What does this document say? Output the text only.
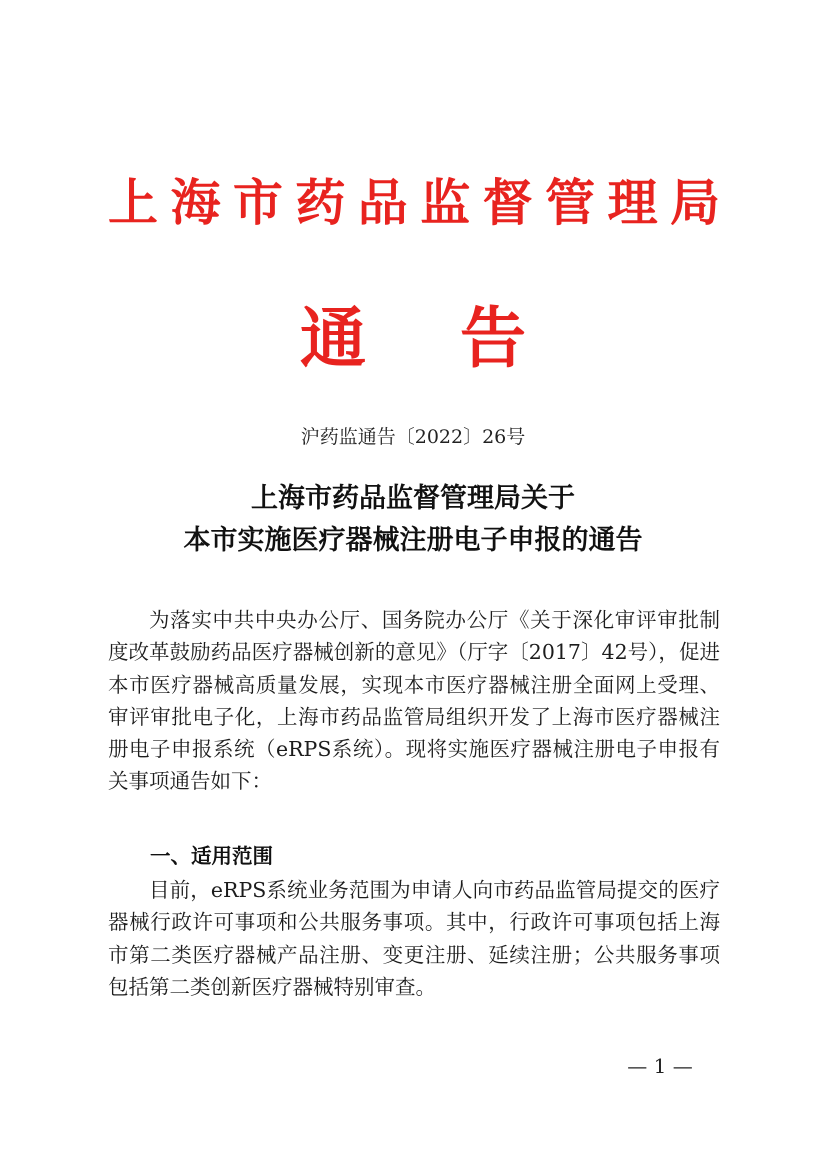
上 海 市 药 品 监 督 管 理 局
通 告
沪药监通告〔2022〕26号
上海市药品监督管理局关于
本市实施医疗器械注册电子申报的通告

为落实中共中央办公厅、国务院办公厅《关于深化审评审批制度改革鼓励药品医疗器械创新的意见》（厅字〔2017〕42号），促进本市医疗器械高质量发展，实现本市医疗器械注册全面网上受理、审评审批电子化，上海市药品监管局组织开发了上海市医疗器械注册电子申报系统（eRPS系统）。现将实施医疗器械注册电子申报有关事项通告如下：

一、适用范围

目前，eRPS系统业务范围为申请人向市药品监管局提交的医疗器械行政许可事项和公共服务事项。其中，行政许可事项包括上海市第二类医疗器械产品注册、变更注册、延续注册；公共服务事项包括第二类创新医疗器械特别审查。

— 1 —
